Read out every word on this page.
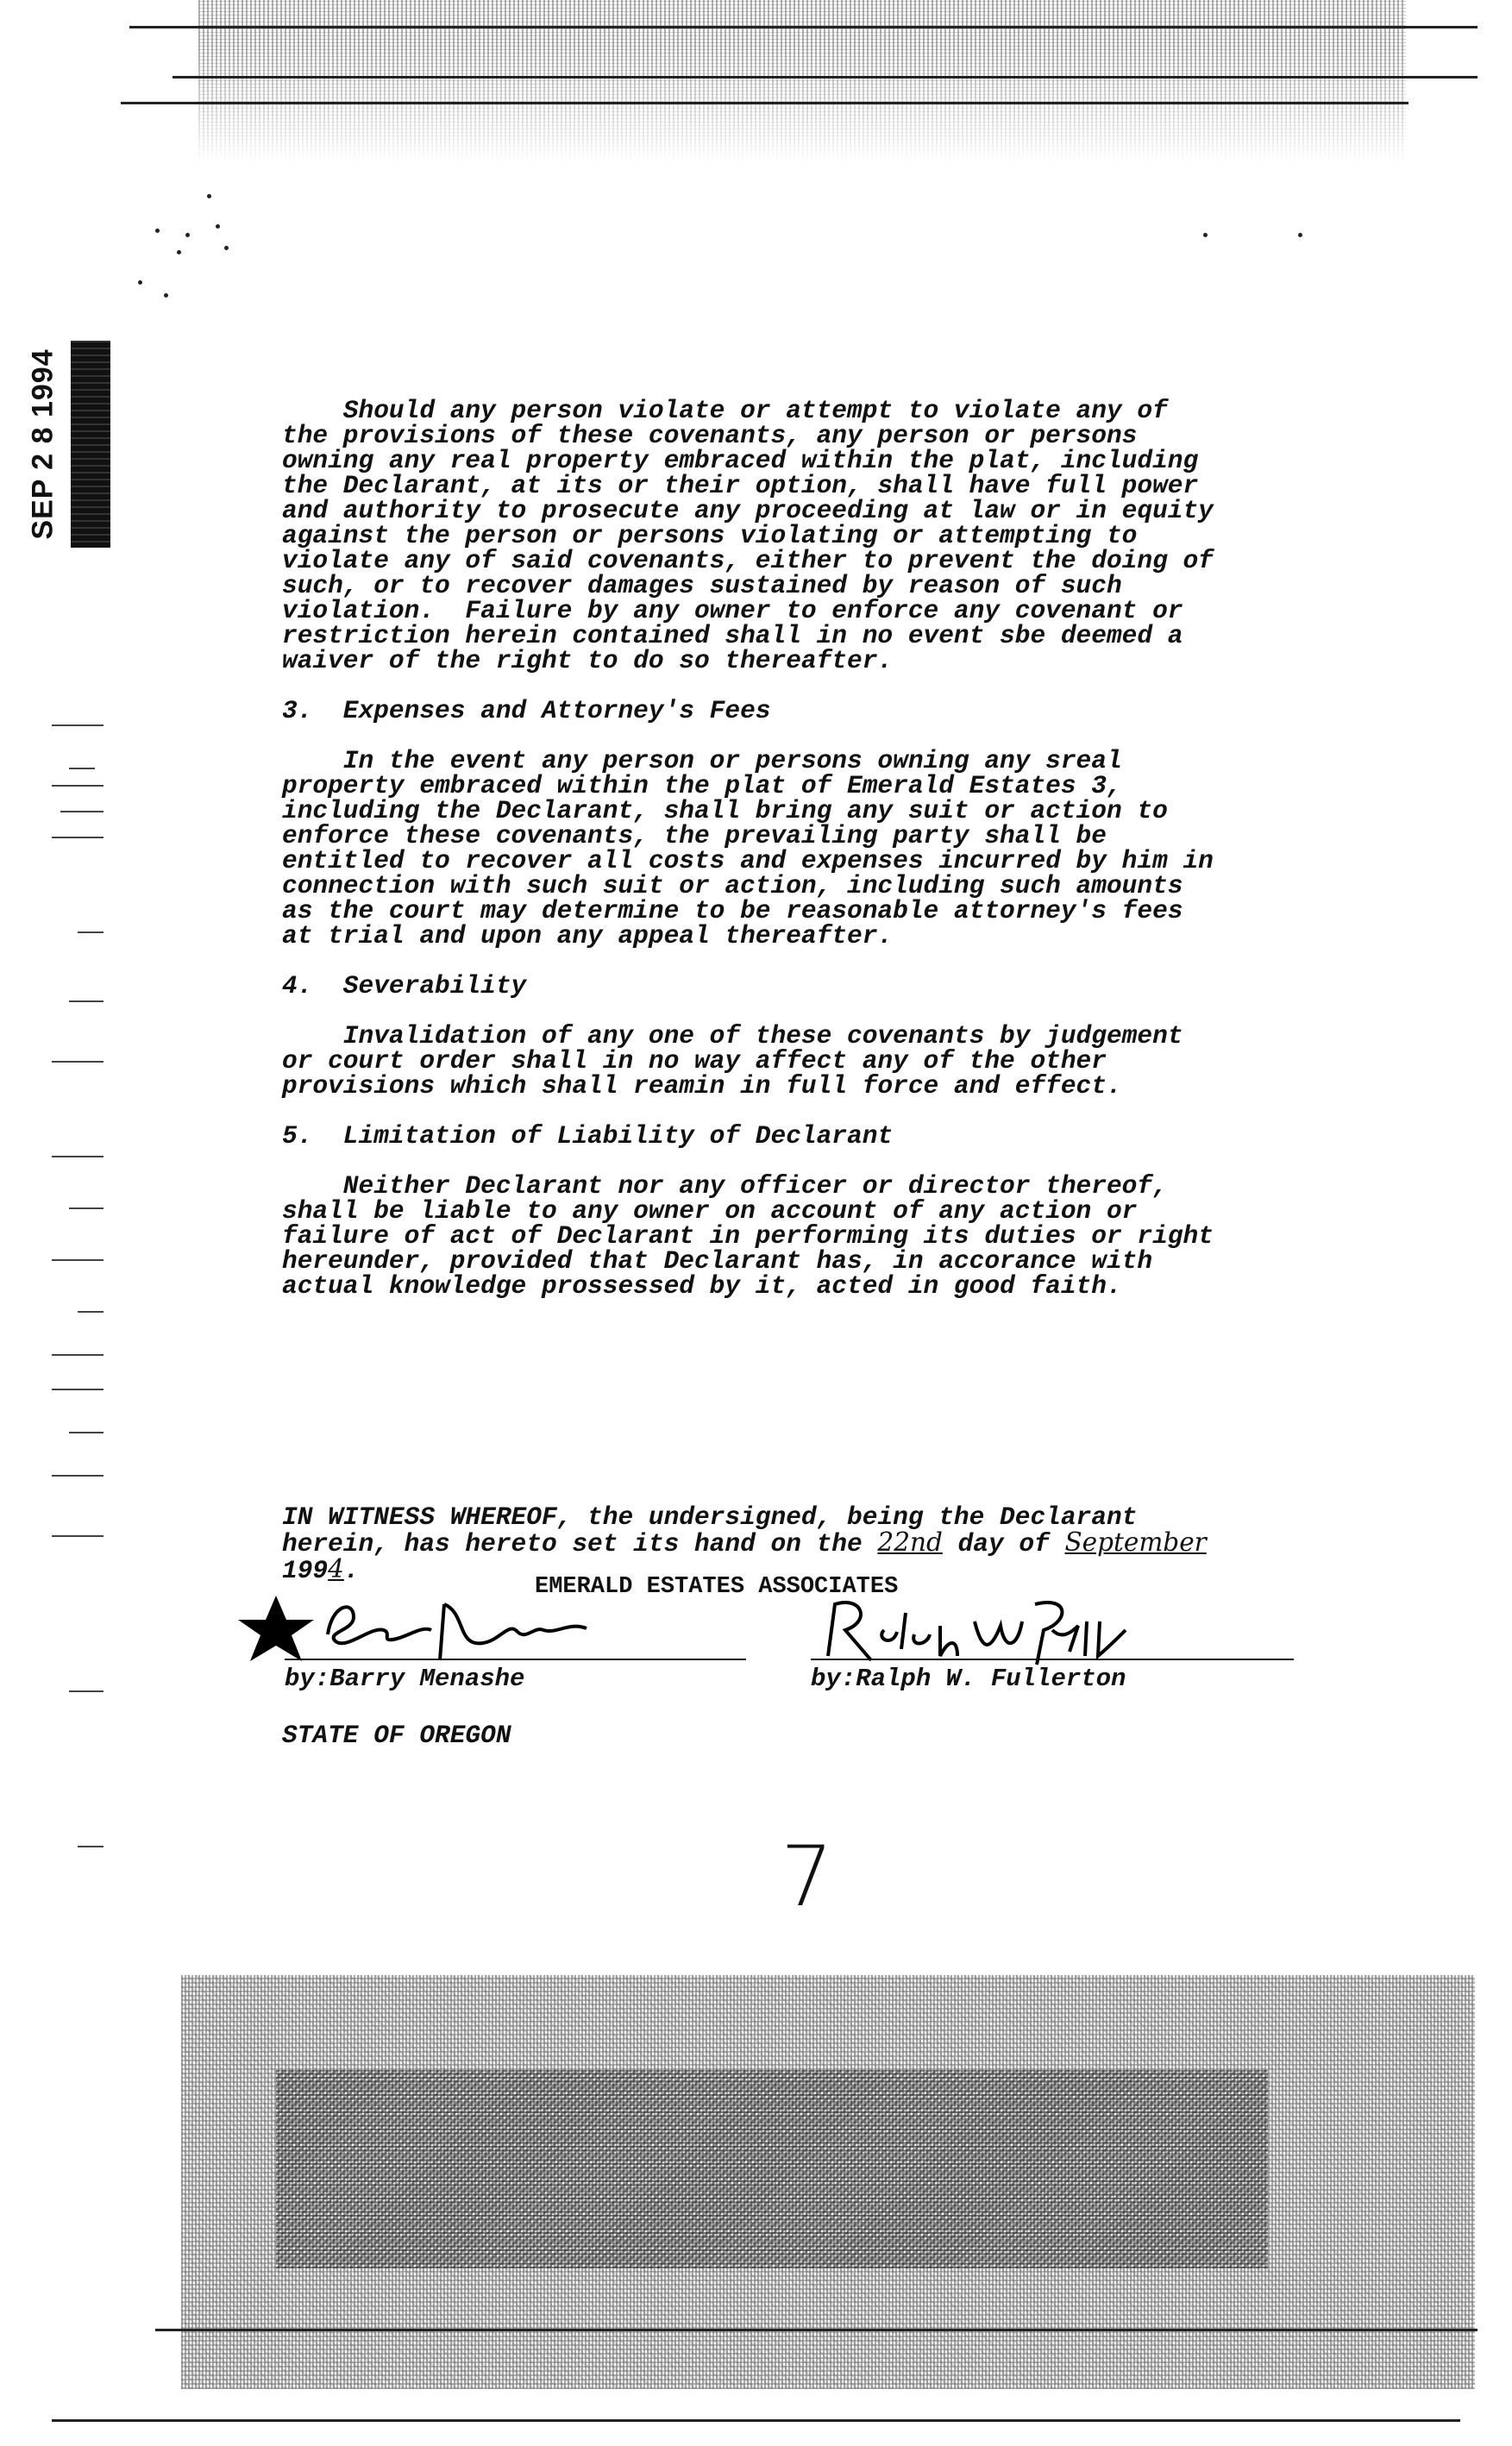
SEP 2 8 1994	Should any person violate or attempt to violate any of

the provisions of these covenants, any person or persons

owning any real property embraced within the plat, including

the Declarant, at its or their option, shall have full power

and authority to prosecute any proceeding at law or in equity

against the person or persons violating or attempting to

violate any of said covenants, either to prevent the doing of

such, or to recover damages sustained by reason of such

violation.  Failure by any owner to enforce any covenant or

restriction herein contained shall in no event sbe deemed a

waiver of the right to do so thereafter.

3.  Expenses and Attorney's Fees

In the event any person or persons owning any sreal

property embraced within the plat of Emerald Estates 3,

including the Declarant, shall bring any suit or action to

enforce these covenants, the prevailing party shall be

entitled to recover all costs and expenses incurred by him in

connection with such suit or action, including such amounts

as the court may determine to be reasonable attorney's fees

at trial and upon any appeal thereafter.

4.  Severability

Invalidation of any one of these covenants by judgement

or court order shall in no way affect any of the other

provisions which shall reamin in full force and effect.

5.  Limitation of Liability of Declarant

Neither Declarant nor any officer or director thereof,

shall be liable to any owner on account of any action or

failure of act of Declarant in performing its duties or right

hereunder, provided that Declarant has, in accorance with

actual knowledge prossessed by it, acted in good faith.

IN WITNESS WHEREOF, the undersigned, being the Declarant

herein, has hereto set its hand on the 22nd day of September

1994.

EMERALD ESTATES ASSOCIATES
by:Barry Menashe	by:Ralph W. Fullerton
STATE OF OREGON
7
